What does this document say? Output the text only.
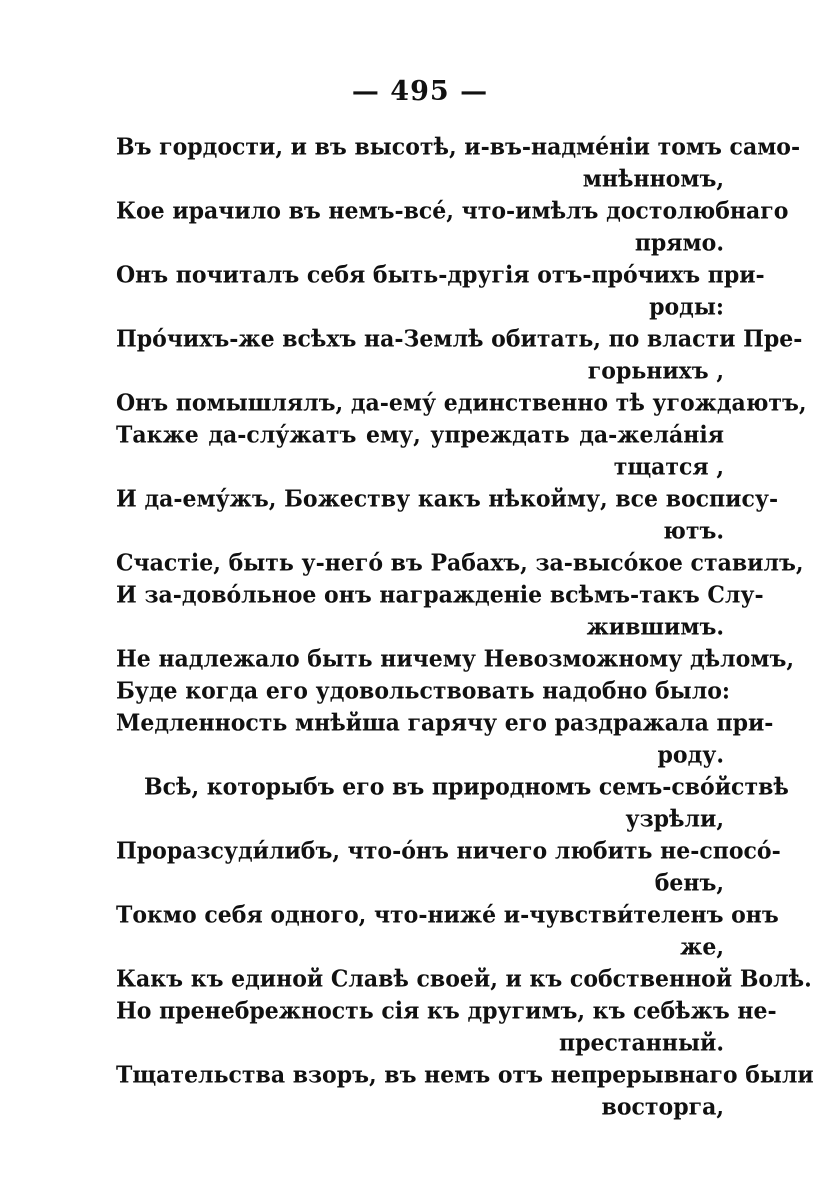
— 495 —
Въ гордости, и въ высотѣ, и-въ-надме́ніи томъ само-
мнѣнномъ,
Кое ирачило въ немъ-все́, что-имѣлъ достолюбнаго
прямо.
Онъ почиталъ себя быть-другія отъ-про́чихъ при-
роды:
Про́чихъ-же всѣхъ на-Землѣ обитать, по власти Пре-
горьнихъ ,
Онъ помышлялъ, да-ему́ единственно тѣ угождаютъ,
Также да-слу́жатъ ему, упреждать да-жела́нія
тщатся ,
И да-ему́жъ, Божеству какъ нѣкойму, все воспису-
ютъ.
Счастіе, быть у-него́ въ Рабахъ, за-высо́кое ставилъ,
И за-дово́льное онъ награжденіе всѣмъ-такъ Слу-
жившимъ.
Не надлежало быть ничему Невозможному дѣломъ,
Буде когда его удовольствовать надобно было:
Медленность мнѣйша гарячу его раздражала при-
роду.
Всѣ, которыбъ его въ природномъ семъ-сво́йствѣ
узрѣли,
Проразсуди́либъ, что-о́нъ ничего любить не-спосо́-
бенъ,
Токмо себя одного, что-ниже́ и-чувстви́теленъ онъ
же,
Какъ къ единой Славѣ своей, и къ собственной Волѣ.
Но пренебрежность сія къ другимъ, къ себѣжъ не-
престанный.
Тщательства взоръ, въ немъ отъ непрерывнаго были
восторга,
